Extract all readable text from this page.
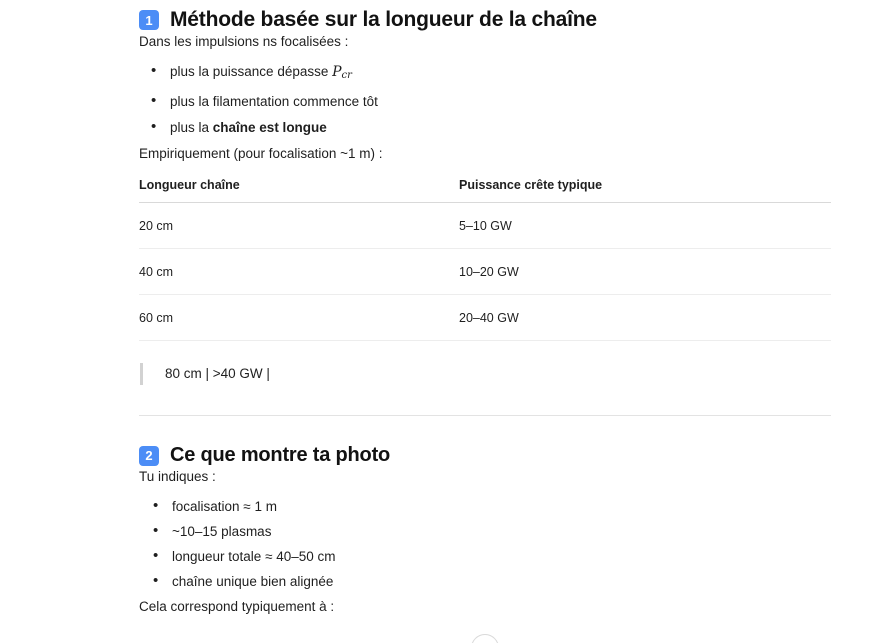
1 Méthode basée sur la longueur de la chaîne

Dans les impulsions ns focalisées :

• plus la puissance dépasse Pcr
• plus la filamentation commence tôt
• plus la chaîne est longue

Empiriquement (pour focalisation ~1 m) :

Longueur chaîne	Puissance crête typique
20 cm	5–10 GW
40 cm	10–20 GW
60 cm	20–40 GW
80 cm | >40 GW |
2 Ce que montre ta photo

Tu indiques :

• focalisation ≈ 1 m
• ~10–15 plasmas
• longueur totale ≈ 40–50 cm
• chaîne unique bien alignée

Cela correspond typiquement à :
